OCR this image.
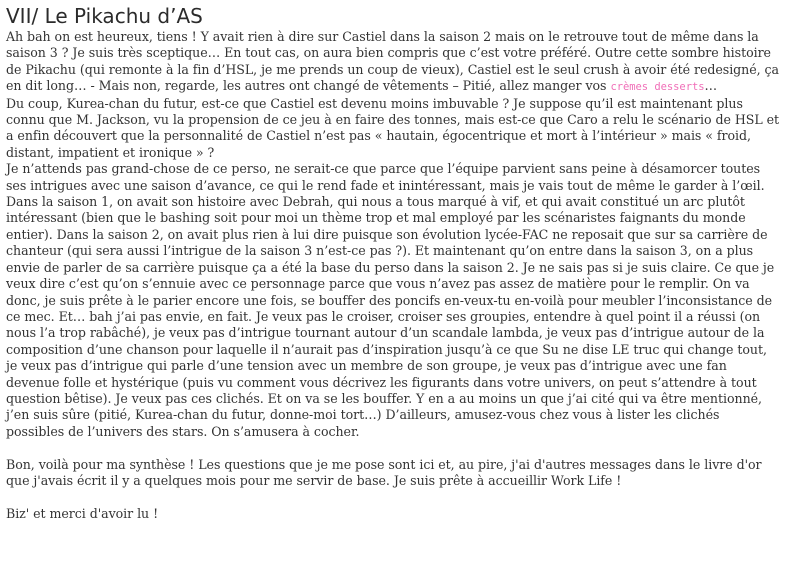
VII/ Le Pikachu d’AS

Ah bah on est heureux, tiens ! Y avait rien à dire sur Castiel dans la saison 2 mais on le retrouve tout de même dans la saison 3 ? Je suis très sceptique… En tout cas, on aura bien compris que c’est votre préféré. Outre cette sombre histoire de Pikachu (qui remonte à la fin d’HSL, je me prends un coup de vieux), Castiel est le seul crush à avoir été redesigné, ça en dit long… - Mais non, regarde, les autres ont changé de vêtements – Pitié, allez manger vos crèmes desserts…

Du coup, Kurea-chan du futur, est-ce que Castiel est devenu moins imbuvable ? Je suppose qu’il est maintenant plus connu que M. Jackson, vu la propension de ce jeu à en faire des tonnes, mais est-ce que Caro a relu le scénario de HSL et a enfin découvert que la personnalité de Castiel n’est pas « hautain, égocentrique et mort à l’intérieur » mais « froid, distant, impatient et ironique » ?

Je n’attends pas grand-chose de ce perso, ne serait-ce que parce que l’équipe parvient sans peine à désamorcer toutes ses intrigues avec une saison d’avance, ce qui le rend fade et inintéressant, mais je vais tout de même le garder à l’œil. Dans la saison 1, on avait son histoire avec Debrah, qui nous a tous marqué à vif, et qui avait constitué un arc plutôt intéressant (bien que le bashing soit pour moi un thème trop et mal employé par les scénaristes faignants du monde entier). Dans la saison 2, on avait plus rien à lui dire puisque son évolution lycée-FAC ne reposait que sur sa carrière de chanteur (qui sera aussi l’intrigue de la saison 3 n’est-ce pas ?). Et maintenant qu’on entre dans la saison 3, on a plus envie de parler de sa carrière puisque ça a été la base du perso dans la saison 2. Je ne sais pas si je suis claire. Ce que je veux dire c’est qu’on s’ennuie avec ce personnage parce que vous n’avez pas assez de matière pour le remplir. On va donc, je suis prête à le parier encore une fois, se bouffer des poncifs en-veux-tu en-voilà pour meubler l’inconsistance de ce mec. Et… bah j’ai pas envie, en fait. Je veux pas le croiser, croiser ses groupies, entendre à quel point il a réussi (on nous l’a trop rabâché), je veux pas d’intrigue tournant autour d’un scandale lambda, je veux pas d’intrigue autour de la composition d’une chanson pour laquelle il n’aurait pas d’inspiration jusqu’à ce que Su ne dise LE truc qui change tout, je veux pas d’intrigue qui parle d’une tension avec un membre de son groupe, je veux pas d’intrigue avec une fan devenue folle et hystérique (puis vu comment vous décrivez les figurants dans votre univers, on peut s’attendre à tout question bêtise). Je veux pas ces clichés. Et on va se les bouffer. Y en a au moins un que j’ai cité qui va être mentionné, j’en suis sûre (pitié, Kurea-chan du futur, donne-moi tort…) D’ailleurs, amusez-vous chez vous à lister les clichés possibles de l’univers des stars. On s’amusera à cocher.

Bon, voilà pour ma synthèse ! Les questions que je me pose sont ici et, au pire, j'ai d'autres messages dans le livre d'or que j'avais écrit il y a quelques mois pour me servir de base. Je suis prête à accueillir Work Life !

Biz' et merci d'avoir lu !
